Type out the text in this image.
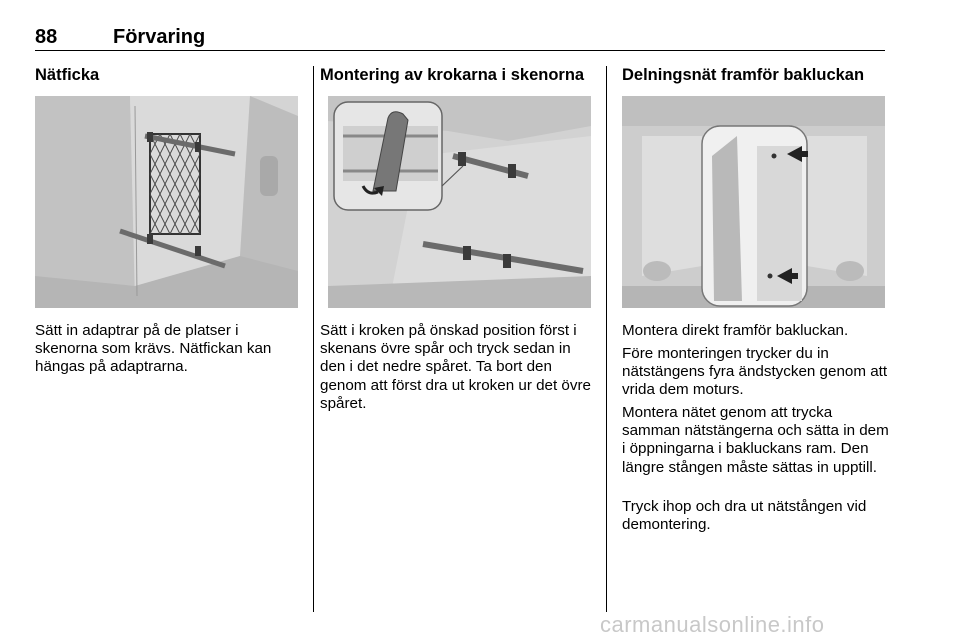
88	Förvaring
Nätficka

Sätt in adaptrar på de platser i skenorna som krävs. Nätfickan kan hängas på adaptrarna.

Montering av krokarna i skenorna

Sätt i kroken på önskad position först i skenans övre spår och tryck sedan in den i det nedre spåret. Ta bort den genom att först dra ut kroken ur det övre spåret.

Delningsnät framför bakluckan

Montera direkt framför bakluckan.

Före monteringen trycker du in nätstängens fyra ändstycken genom att vrida dem moturs.

Montera nätet genom att trycka samman nätstängerna och sätta in dem i öppningarna i bakluckans ram. Den längre stången måste sättas in upptill.

Tryck ihop och dra ut nätstången vid demontering.

carmanualsonline.info
